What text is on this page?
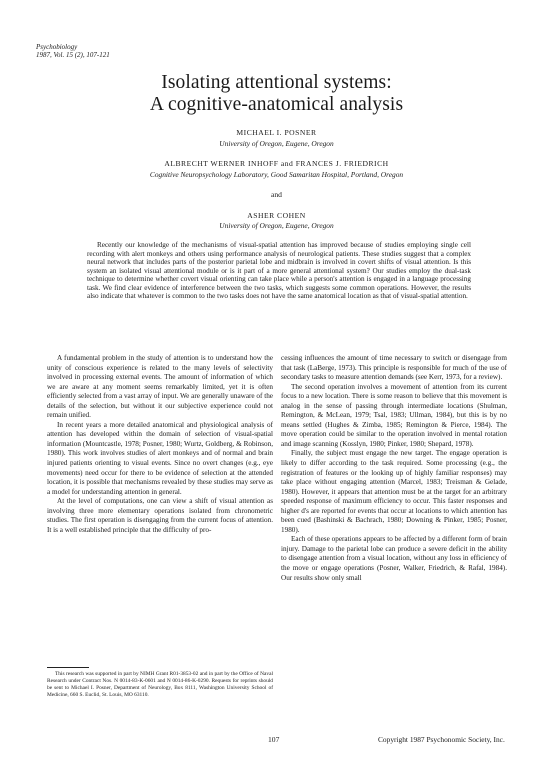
Psychobiology
1987, Vol. 15 (2), 107-121
Isolating attentional systems:
A cognitive-anatomical analysis
MICHAEL I. POSNER
University of Oregon, Eugene, Oregon
ALBRECHT WERNER INHOFF and FRANCES J. FRIEDRICH
Cognitive Neuropsychology Laboratory, Good Samaritan Hospital, Portland, Oregon
and
ASHER COHEN
University of Oregon, Eugene, Oregon
Recently our knowledge of the mechanisms of visual-spatial attention has improved because of studies employing single cell recording with alert monkeys and others using performance analysis of neurological patients. These studies suggest that a complex neural network that includes parts of the posterior parietal lobe and midbrain is involved in covert shifts of visual attention. Is this system an isolated visual attentional module or is it part of a more general attentional system? Our studies employ the dual-task technique to determine whether covert visual orienting can take place while a person's attention is engaged in a language processing task. We find clear evidence of interference between the two tasks, which suggests some common operations. However, the results also indicate that whatever is common to the two tasks does not have the same anatomical location as that of visual-spatial attention.

A fundamental problem in the study of attention is to understand how the unity of conscious experience is related to the many levels of selectivity involved in processing external events. The amount of information of which we are aware at any moment seems remarkably limited, yet it is often efficiently selected from a vast array of input. We are generally unaware of the details of the selection, but without it our subjective experience could not remain unified.

In recent years a more detailed anatomical and physiological analysis of attention has developed within the domain of selection of visual-spatial information (Mountcastle, 1978; Posner, 1980; Wurtz, Goldberg, & Robinson, 1980). This work involves studies of alert monkeys and of normal and brain injured patients orienting to visual events. Since no overt changes (e.g., eye movements) need occur for there to be evidence of selection at the attended location, it is possible that mechanisms revealed by these studies may serve as a model for understanding attention in general.

At the level of computations, one can view a shift of visual attention as involving three more elementary operations isolated from chronometric studies. The first operation is disengaging from the current focus of attention. It is a well established principle that the difficulty of pro-

cessing influences the amount of time necessary to switch or disengage from that task (LaBerge, 1973). This principle is responsible for much of the use of secondary tasks to measure attention demands (see Kerr, 1973, for a review).

The second operation involves a movement of attention from its current focus to a new location. There is some reason to believe that this movement is analog in the sense of passing through intermediate locations (Shulman, Remington, & McLean, 1979; Tsal, 1983; Ullman, 1984), but this is by no means settled (Hughes & Zimba, 1985; Remington & Pierce, 1984). The move operation could be similar to the operation involved in mental rotation and image scanning (Kosslyn, 1980; Pinker, 1980; Shepard, 1978).

Finally, the subject must engage the new target. The engage operation is likely to differ according to the task required. Some processing (e.g., the registration of features or the looking up of highly familiar responses) may take place without engaging attention (Marcel, 1983; Treisman & Gelade, 1980). However, it appears that attention must be at the target for an arbitrary speeded response of maximum efficiency to occur. This faster responses and higher d's are reported for events that occur at locations to which attention has been cued (Bashinski & Bachrach, 1980; Downing & Pinker, 1985; Posner, 1980).

Each of these operations appears to be affected by a different form of brain injury. Damage to the parietal lobe can produce a severe deficit in the ability to disengage attention from a visual location, without any loss in efficiency of the move or engage operations (Posner, Walker, Friedrich, & Rafal, 1984). Our results show only small

This research was supported in part by NIMH Grant R01-3853-02 and in part by the Office of Naval Research under Contract Nos. N 0014-83-K-0601 and N 0014-86-K-0290. Requests for reprints should be sent to Michael I. Posner, Department of Neurology, Box 8111, Washington University School of Medicine, 660 S. Euclid, St. Louis, MO 63110.

107	Copyright 1987 Psychonomic Society, Inc.
